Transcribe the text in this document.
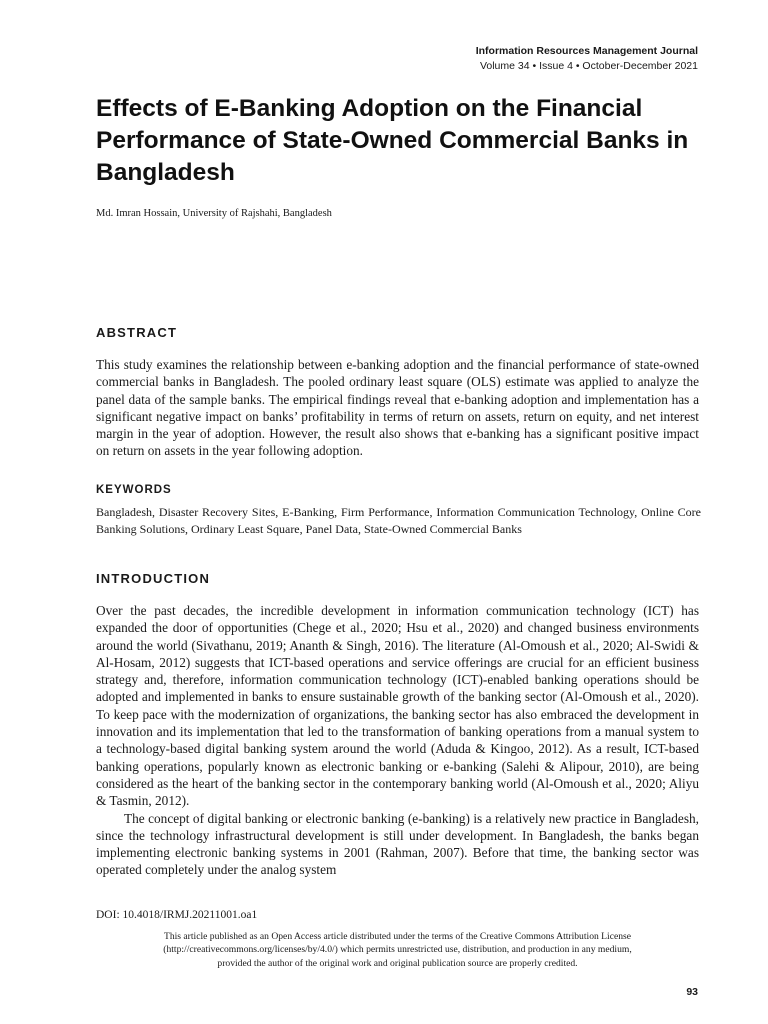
Information Resources Management Journal
Volume 34 • Issue 4 • October-December 2021
Effects of E-Banking Adoption on the Financial Performance of State-Owned Commercial Banks in Bangladesh
Md. Imran Hossain, University of Rajshahi, Bangladesh
ABSTRACT

This study examines the relationship between e-banking adoption and the financial performance of state-owned commercial banks in Bangladesh. The pooled ordinary least square (OLS) estimate was applied to analyze the panel data of the sample banks. The empirical findings reveal that e-banking adoption and implementation has a significant negative impact on banks’ profitability in terms of return on assets, return on equity, and net interest margin in the year of adoption. However, the result also shows that e-banking has a significant positive impact on return on assets in the year following adoption.

KEYWORDS
Bangladesh, Disaster Recovery Sites, E-Banking, Firm Performance, Information Communication Technology, Online Core Banking Solutions, Ordinary Least Square, Panel Data, State-Owned Commercial Banks
INTRODUCTION

Over the past decades, the incredible development in information communication technology (ICT) has expanded the door of opportunities (Chege et al., 2020; Hsu et al., 2020) and changed business environments around the world (Sivathanu, 2019; Ananth & Singh, 2016). The literature (Al-Omoush et al., 2020; Al-Swidi & Al-Hosam, 2012) suggests that ICT-based operations and service offerings are crucial for an efficient business strategy and, therefore, information communication technology (ICT)-enabled banking operations should be adopted and implemented in banks to ensure sustainable growth of the banking sector (Al-Omoush et al., 2020). To keep pace with the modernization of organizations, the banking sector has also embraced the development in innovation and its implementation that led to the transformation of banking operations from a manual system to a technology-based digital banking system around the world (Aduda & Kingoo, 2012). As a result, ICT-based banking operations, popularly known as electronic banking or e-banking (Salehi & Alipour, 2010), are being considered as the heart of the banking sector in the contemporary banking world (Al-Omoush et al., 2020; Aliyu & Tasmin, 2012).

The concept of digital banking or electronic banking (e-banking) is a relatively new practice in Bangladesh, since the technology infrastructural development is still under development. In Bangladesh, the banks began implementing electronic banking systems in 2001 (Rahman, 2007). Before that time, the banking sector was operated completely under the analog system

DOI: 10.4018/IRMJ.20211001.oa1
This article published as an Open Access article distributed under the terms of the Creative Commons Attribution License
(http://creativecommons.org/licenses/by/4.0/) which permits unrestricted use, distribution, and production in any medium,
provided the author of the original work and original publication source are properly credited.
93
